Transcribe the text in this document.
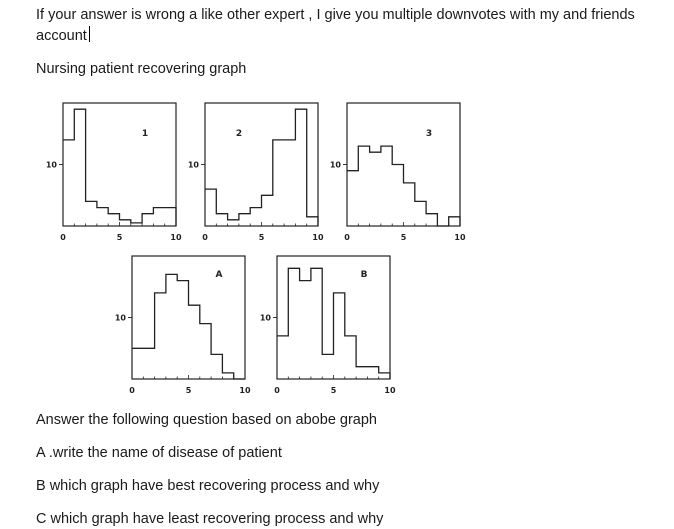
If your answer is wrong a like other expert , I give you multiple downvotes with my and friends account
Nursing patient recovering graph
0	5	10
10
1
0	5	10
10
2
0	5	10
10
3
0	5	10
10
A
0	5	10
10
B
Answer the following question based on abobe graph
A .write the name of disease of patient
B which graph have best recovering process and why
C which graph have least recovering process and why
